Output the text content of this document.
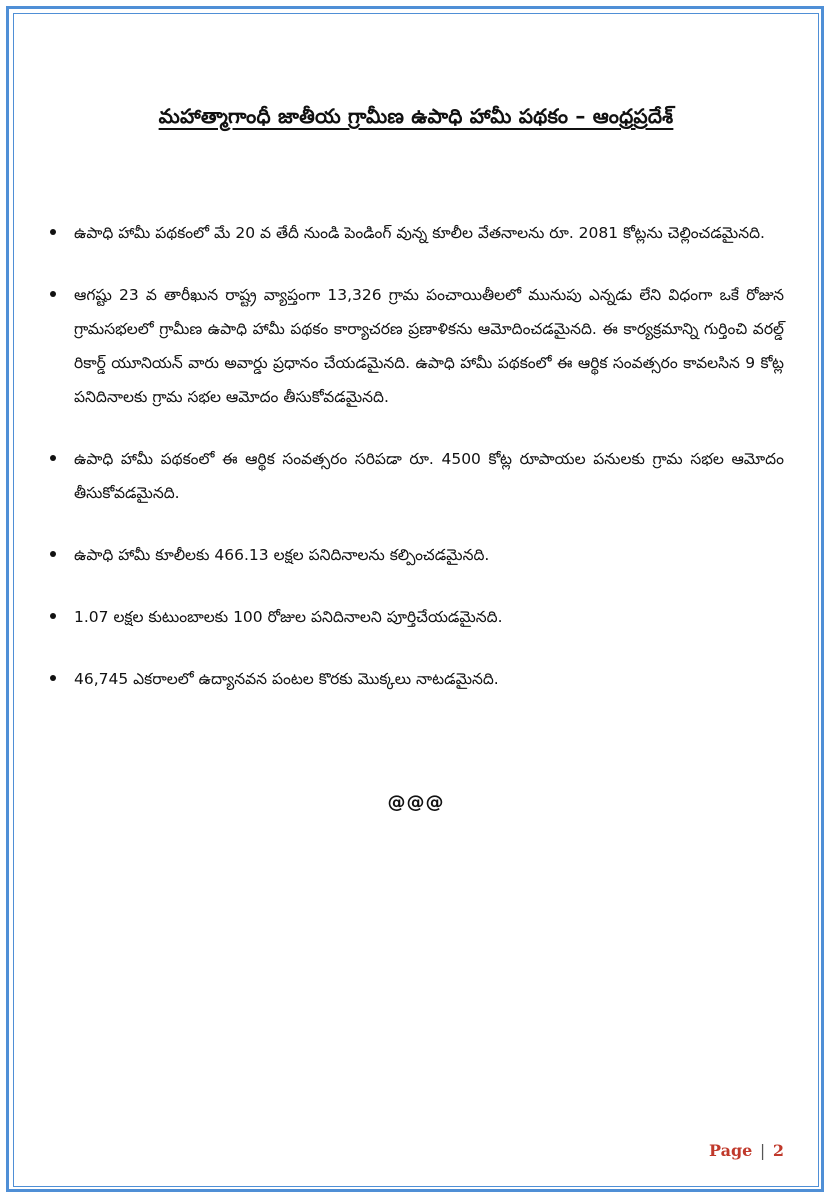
మహాత్మాగాంధీ జాతీయ గ్రామీణ ఉపాధి హామీ పథకం – ఆంధ్రప్రదేశ్
ఉపాధి హామీ పథకంలో మే 20 వ తేదీ నుండి పెండింగ్ వున్న కూలీల వేతనాలను రూ. 2081 కోట్లను చెల్లించడమైనది.
ఆగష్టు 23 వ తారీఖున రాష్ట్ర వ్యాప్తంగా 13,326 గ్రామ పంచాయితీలలో మునుపు ఎన్నడు లేని విధంగా ఒకే రోజున గ్రామసభలలో గ్రామీణ ఉపాధి హామీ పథకం కార్యాచరణ ప్రణాళికను ఆమోదించడమైనది. ఈ కార్యక్రమాన్ని గుర్తించి వరల్డ్ రికార్డ్ యూనియన్ వారు అవార్డు ప్రధానం చేయడమైనది. ఉపాధి హామీ పథకంలో ఈ ఆర్థిక సంవత్సరం కావలసిన 9 కోట్ల పనిదినాలకు గ్రామ సభల ఆమోదం తీసుకోవడమైనది.
ఉపాధి హామీ పథకంలో ఈ ఆర్థిక సంవత్సరం సరిపడా రూ. 4500 కోట్ల రూపాయల పనులకు గ్రామ సభల ఆమోదం తీసుకోవడమైనది.
ఉపాధి హామీ కూలీలకు 466.13 లక్షల పనిదినాలను కల్పించడమైనది.
1.07 లక్షల కుటుంబాలకు 100 రోజుల పనిదినాలని పూర్తిచేయడమైనది.
46,745 ఎకరాలలో ఉద్యానవన పంటల కొరకు మొక్కలు నాటడమైనది.
@@@
Page | 2
